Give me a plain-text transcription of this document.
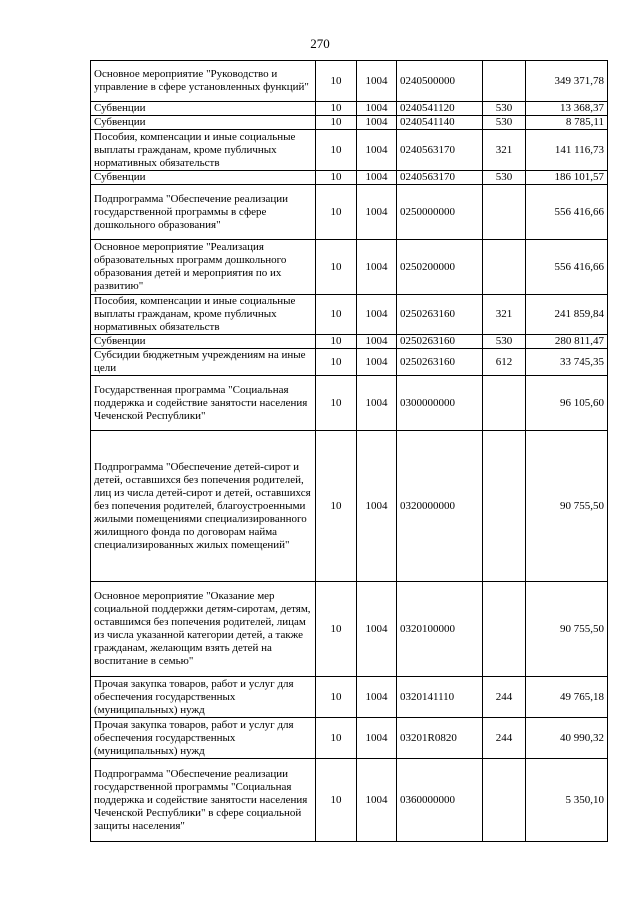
270
Основное мероприятие "Руководство и управление в сфере установленных функций"	10	1004	0240500000		349 371,78
Субвенции	10	1004	0240541120	530	13 368,37
Субвенции	10	1004	0240541140	530	8 785,11
Пособия, компенсации и иные социальные выплаты гражданам, кроме публичных нормативных обязательств	10	1004	0240563170	321	141 116,73
Субвенции	10	1004	0240563170	530	186 101,57
Подпрограмма "Обеспечение реализации государственной программы в сфере дошкольного образования"	10	1004	0250000000		556 416,66
Основное мероприятие "Реализация образовательных программ дошкольного образования детей и мероприятия по их развитию"	10	1004	0250200000		556 416,66
Пособия, компенсации и иные социальные выплаты гражданам, кроме публичных нормативных обязательств	10	1004	0250263160	321	241 859,84
Субвенции	10	1004	0250263160	530	280 811,47
Субсидии бюджетным учреждениям на иные цели	10	1004	0250263160	612	33 745,35
Государственная программа "Социальная поддержка и содействие занятости населения Чеченской Республики"	10	1004	0300000000		96 105,60
Подпрограмма "Обеспечение детей-сирот и детей, оставшихся без попечения родителей, лиц из числа детей-сирот и детей, оставшихся без попечения родителей, благоустроенными жилыми помещениями специализированного жилищного фонда по договорам найма специализированных жилых помещений"	10	1004	0320000000		90 755,50
Основное мероприятие "Оказание мер социальной поддержки детям-сиротам, детям, оставшимся без попечения родителей, лицам из числа указанной категории детей, а также гражданам, желающим взять детей на воспитание в семью"	10	1004	0320100000		90 755,50
Прочая закупка товаров, работ и услуг для обеспечения государственных (муниципальных) нужд	10	1004	0320141110	244	49 765,18
Прочая закупка товаров, работ и услуг для обеспечения государственных (муниципальных) нужд	10	1004	03201R0820	244	40 990,32
Подпрограмма "Обеспечение реализации государственной программы "Социальная поддержка и содействие занятости населения Чеченской Республики" в сфере социальной защиты населения"	10	1004	0360000000		5 350,10
